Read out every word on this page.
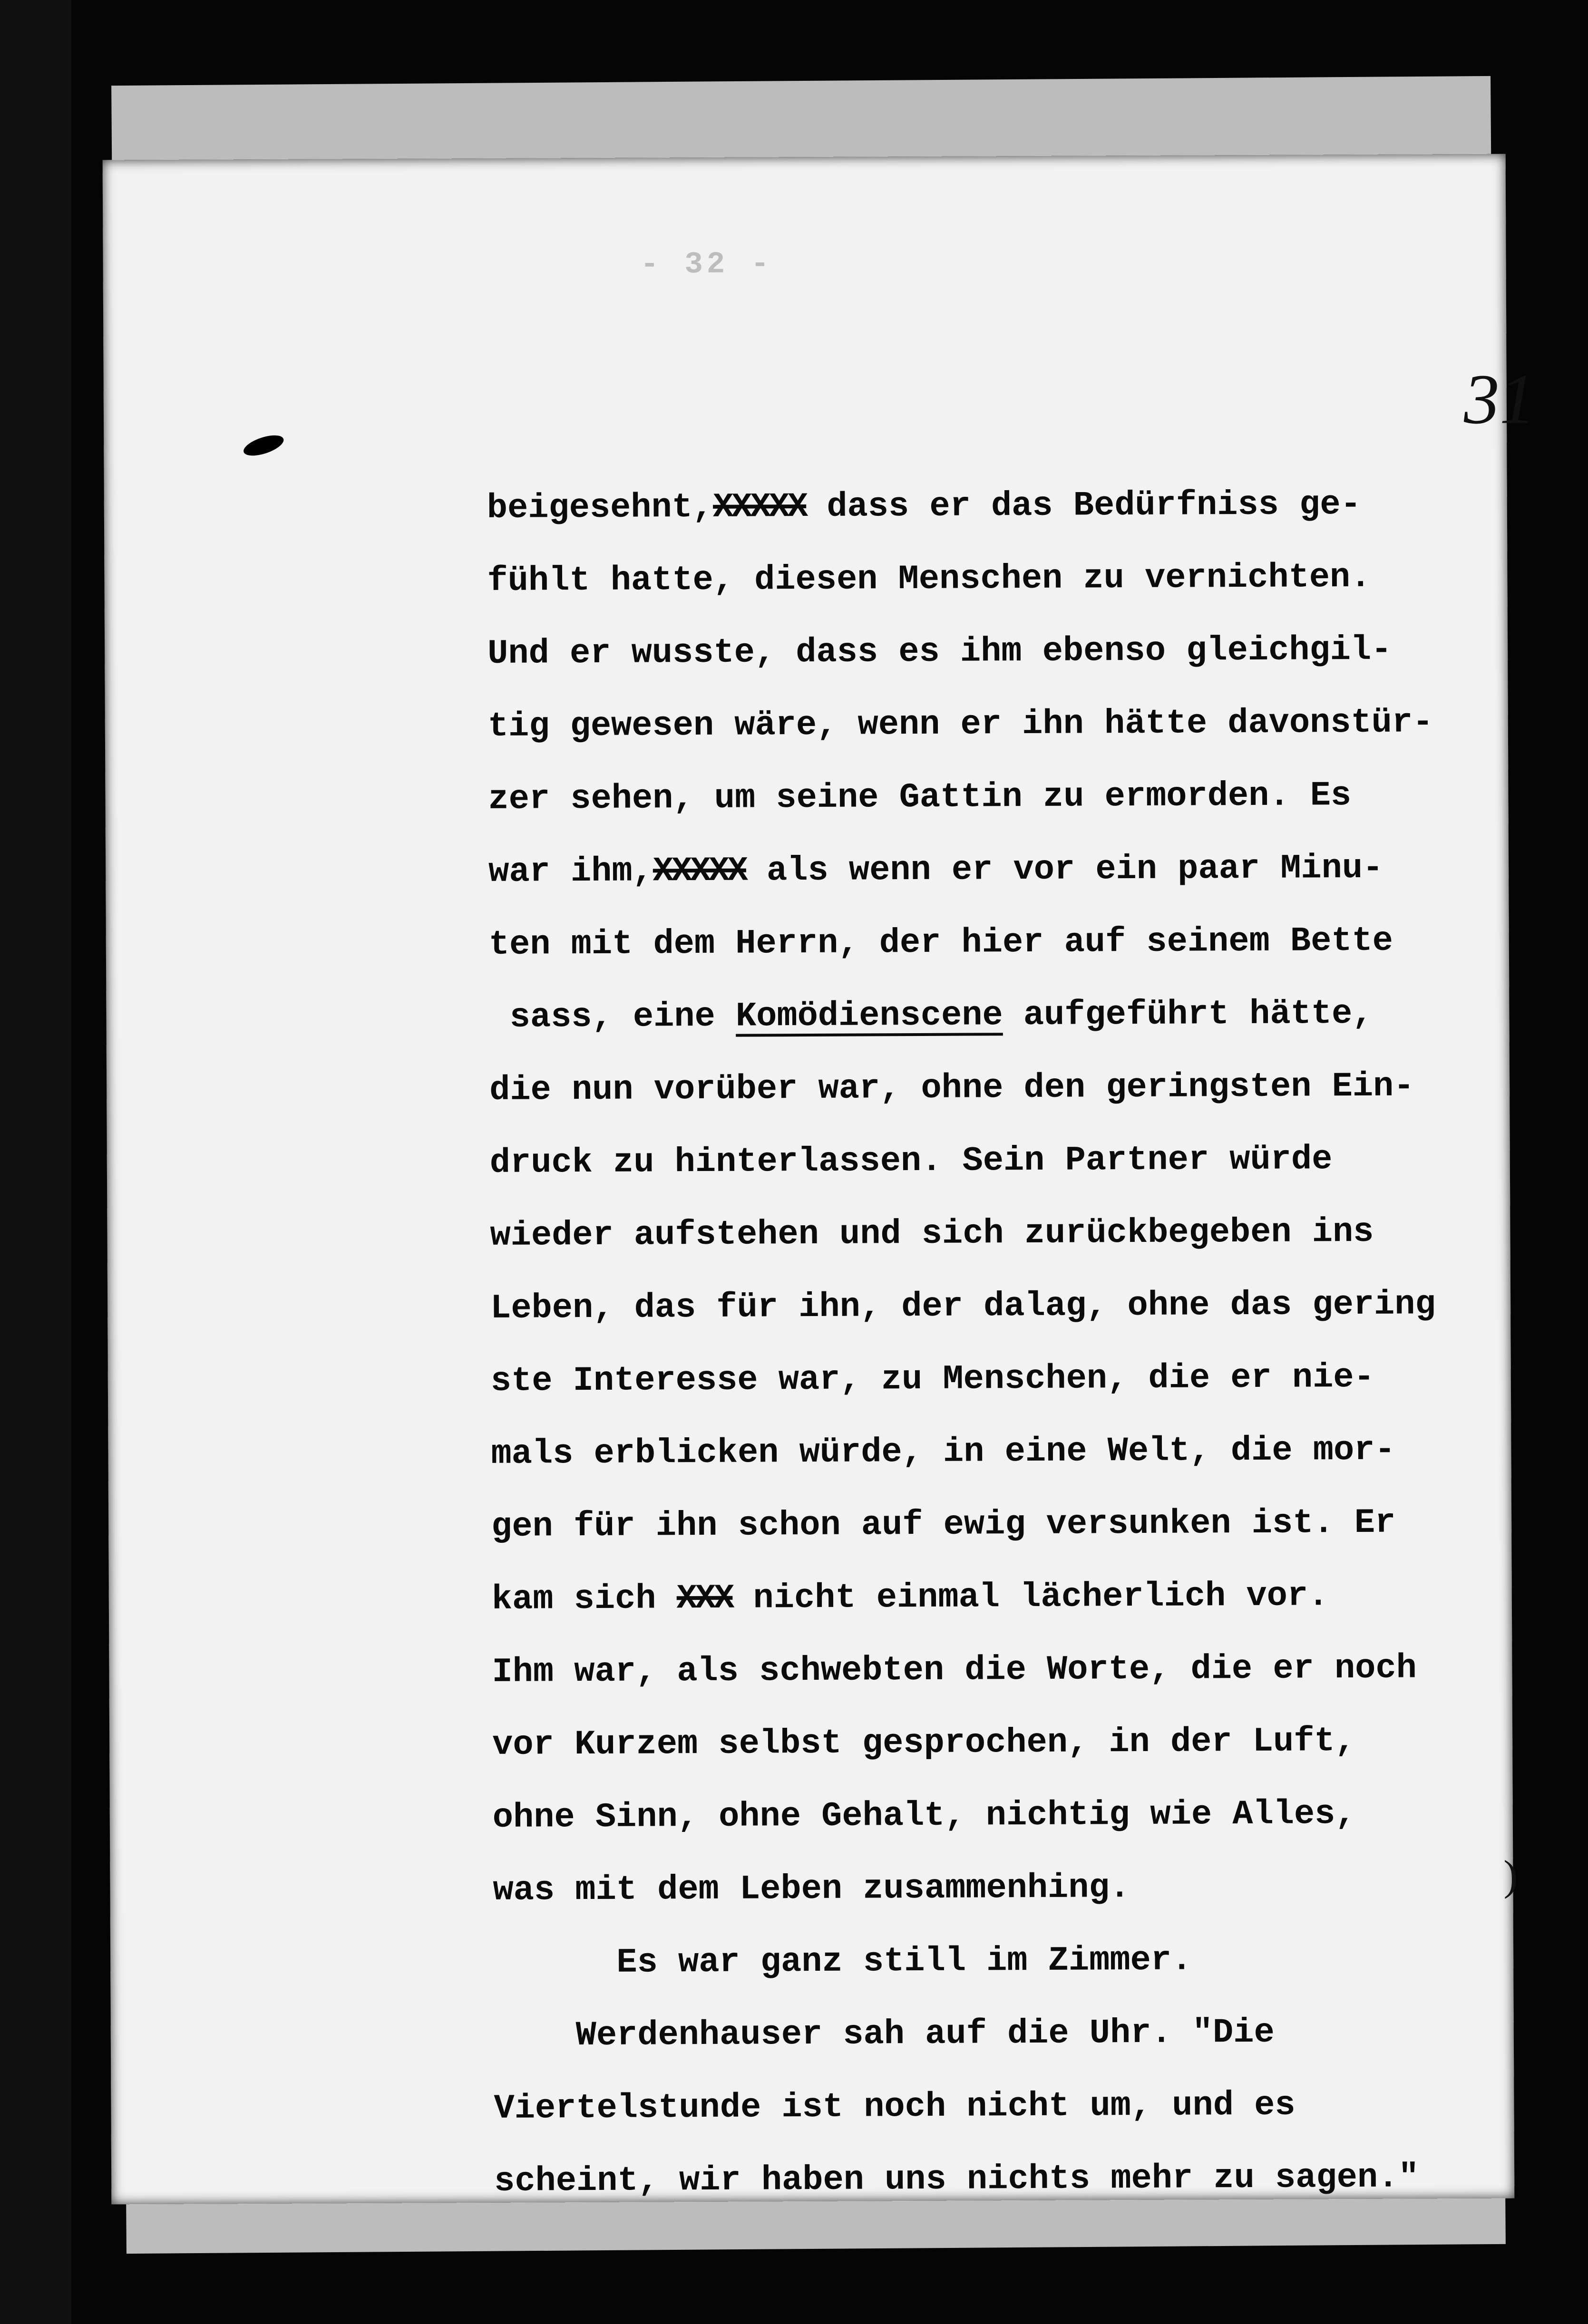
- 32 -
31
beigesehnt,XXXXX dass er das Bedürfniss ge-
fühlt hatte, diesen Menschen zu vernichten.
Und er wusste, dass es ihm ebenso gleichgil-
tig gewesen wäre, wenn er ihn hätte davonstür-
zer sehen, um seine Gattin zu ermorden. Es
war ihm,XXXXX als wenn er vor ein paar Minu-
ten mit dem Herrn, der hier auf seinem Bette
sass, eine Komödienscene aufgeführt hätte,
die nun vorüber war, ohne den geringsten Ein-
druck zu hinterlassen. Sein Partner würde
wieder aufstehen und sich zurückbegeben ins
Leben, das für ihn, der dalag, ohne das gering
ste Interesse war, zu Menschen, die er nie-
mals erblicken würde, in eine Welt, die mor-
gen für ihn schon auf ewig versunken ist. Er
kam sich XXX nicht einmal lächerlich vor.
Ihm war, als schwebten die Worte, die er noch
vor Kurzem selbst gesprochen, in der Luft,
ohne Sinn, ohne Gehalt, nichtig wie Alles,
was mit dem Leben zusammenhing.
Es war ganz still im Zimmer.
Werdenhauser sah auf die Uhr. "Die
Viertelstunde ist noch nicht um, und es
scheint, wir haben uns nichts mehr zu sagen."
)
